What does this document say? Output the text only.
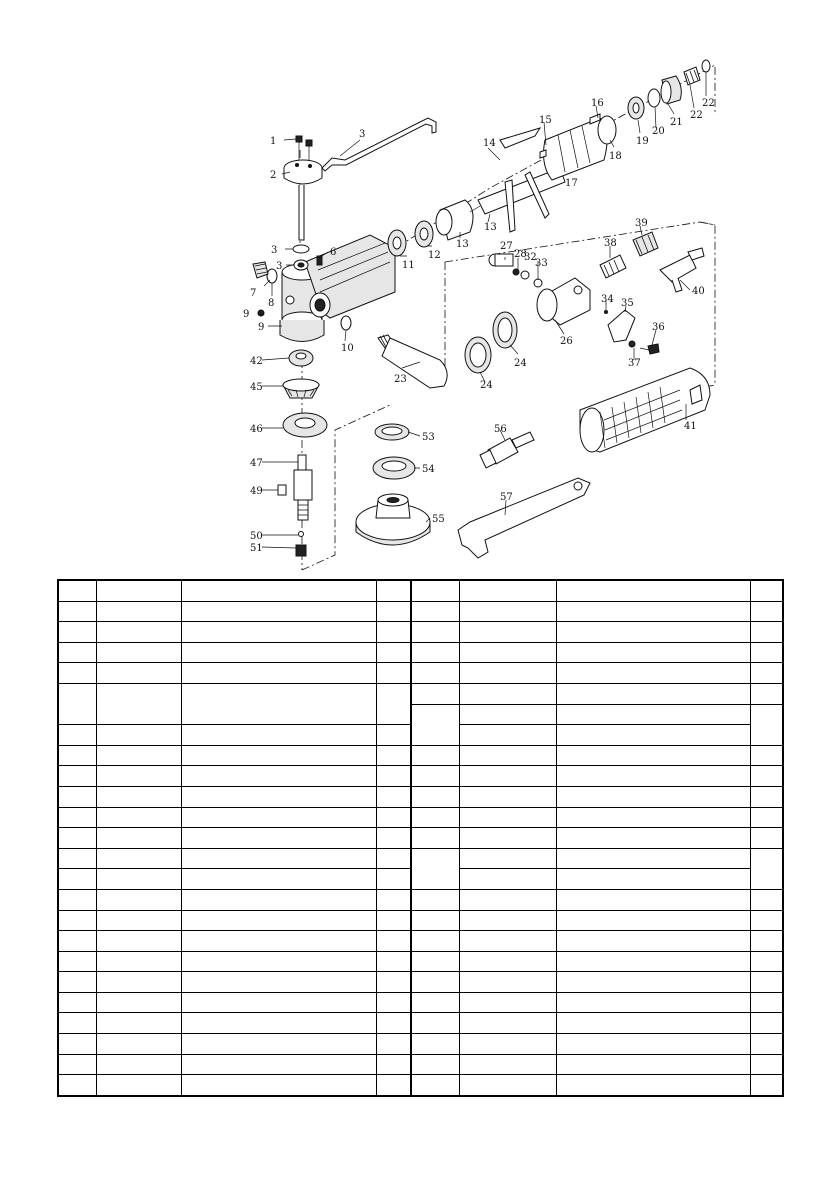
1
2
3
3
3
6
7
8
9
9
10
11
12
13
13
14
15
16
17
18
19
20
21
22
22
23
24
24
26
27
28
32
33
34 35
36
37
38
39
40
41
42
45
46
47
49
50
51
53
54
55
56
57
